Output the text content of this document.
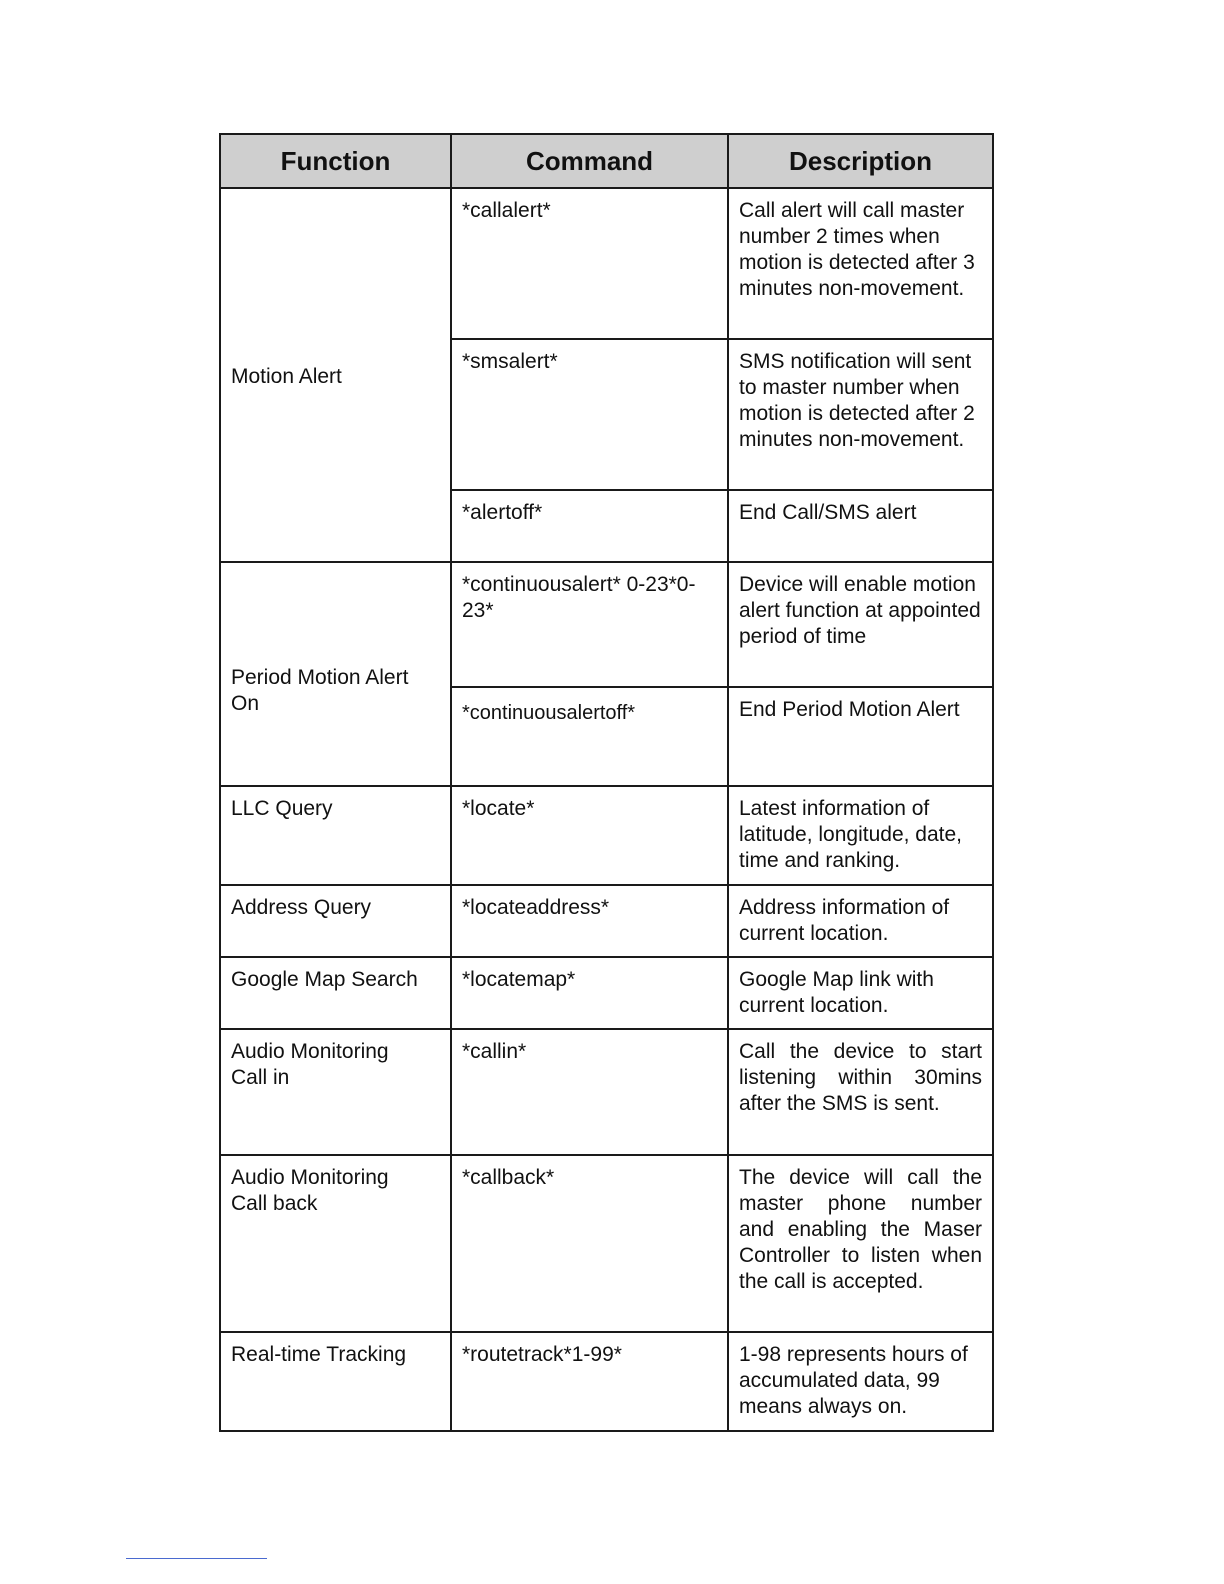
Function	Command	Description
Motion Alert	*callalert*	Call alert will call master number 2 times when motion is detected after 3 minutes non-movement.
	*smsalert*	SMS notification will sent to master number when motion is detected after 2 minutes non-movement.
	*alertoff*	End Call/SMS alert
Period Motion Alert On	*continuousalert* 0-23*0-23*	Device will enable motion alert function at appointed period of time
	*continuousalertoff*	End Period Motion Alert
LLC Query	*locate*	Latest information of latitude, longitude, date, time and ranking.
Address Query	*locateaddress*	Address information of current location.
Google Map Search	*locatemap*	Google Map link with current location.
Audio Monitoring Call in	*callin*	Call the device to start listening within 30mins after the SMS is sent.
Audio Monitoring Call back	*callback*	The device will call the master phone number and enabling the Maser Controller to listen when the call is accepted.
Real-time Tracking	*routetrack*1-99*	1-98 represents hours of accumulated data, 99 means always on.
